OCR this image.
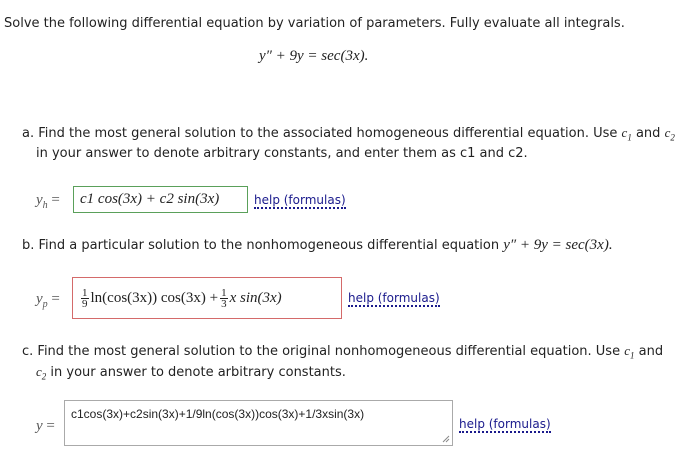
Solve the following differential equation by variation of parameters. Fully evaluate all integrals.
y″ + 9y = sec(3x).
a. Find the most general solution to the associated homogeneous differential equation. Use $c_1$ and $c_2$
in your answer to denote arbitrary constants, and enter them as c1 and c2.
$y_h = c1$ cos(3x) + c2 sin(3x)	help (formulas)
b. Find a particular solution to the nonhomogeneous differential equation y″ + 9y = sec(3x).
$y_p = \frac{1}{9} \ln(\cos(3x)) \cos(3x) + \frac{1}{3}$ x sin(3x)	help (formulas)
c. Find the most general solution to the original nonhomogeneous differential equation. Use $c_1$ and
$c_2$ in your answer to denote arbitrary constants.
y =
c1cos(3x)+c2sin(3x)+1/9ln(cos(3x))cos(3x)+1/3xsin(3x)
help (formulas)
